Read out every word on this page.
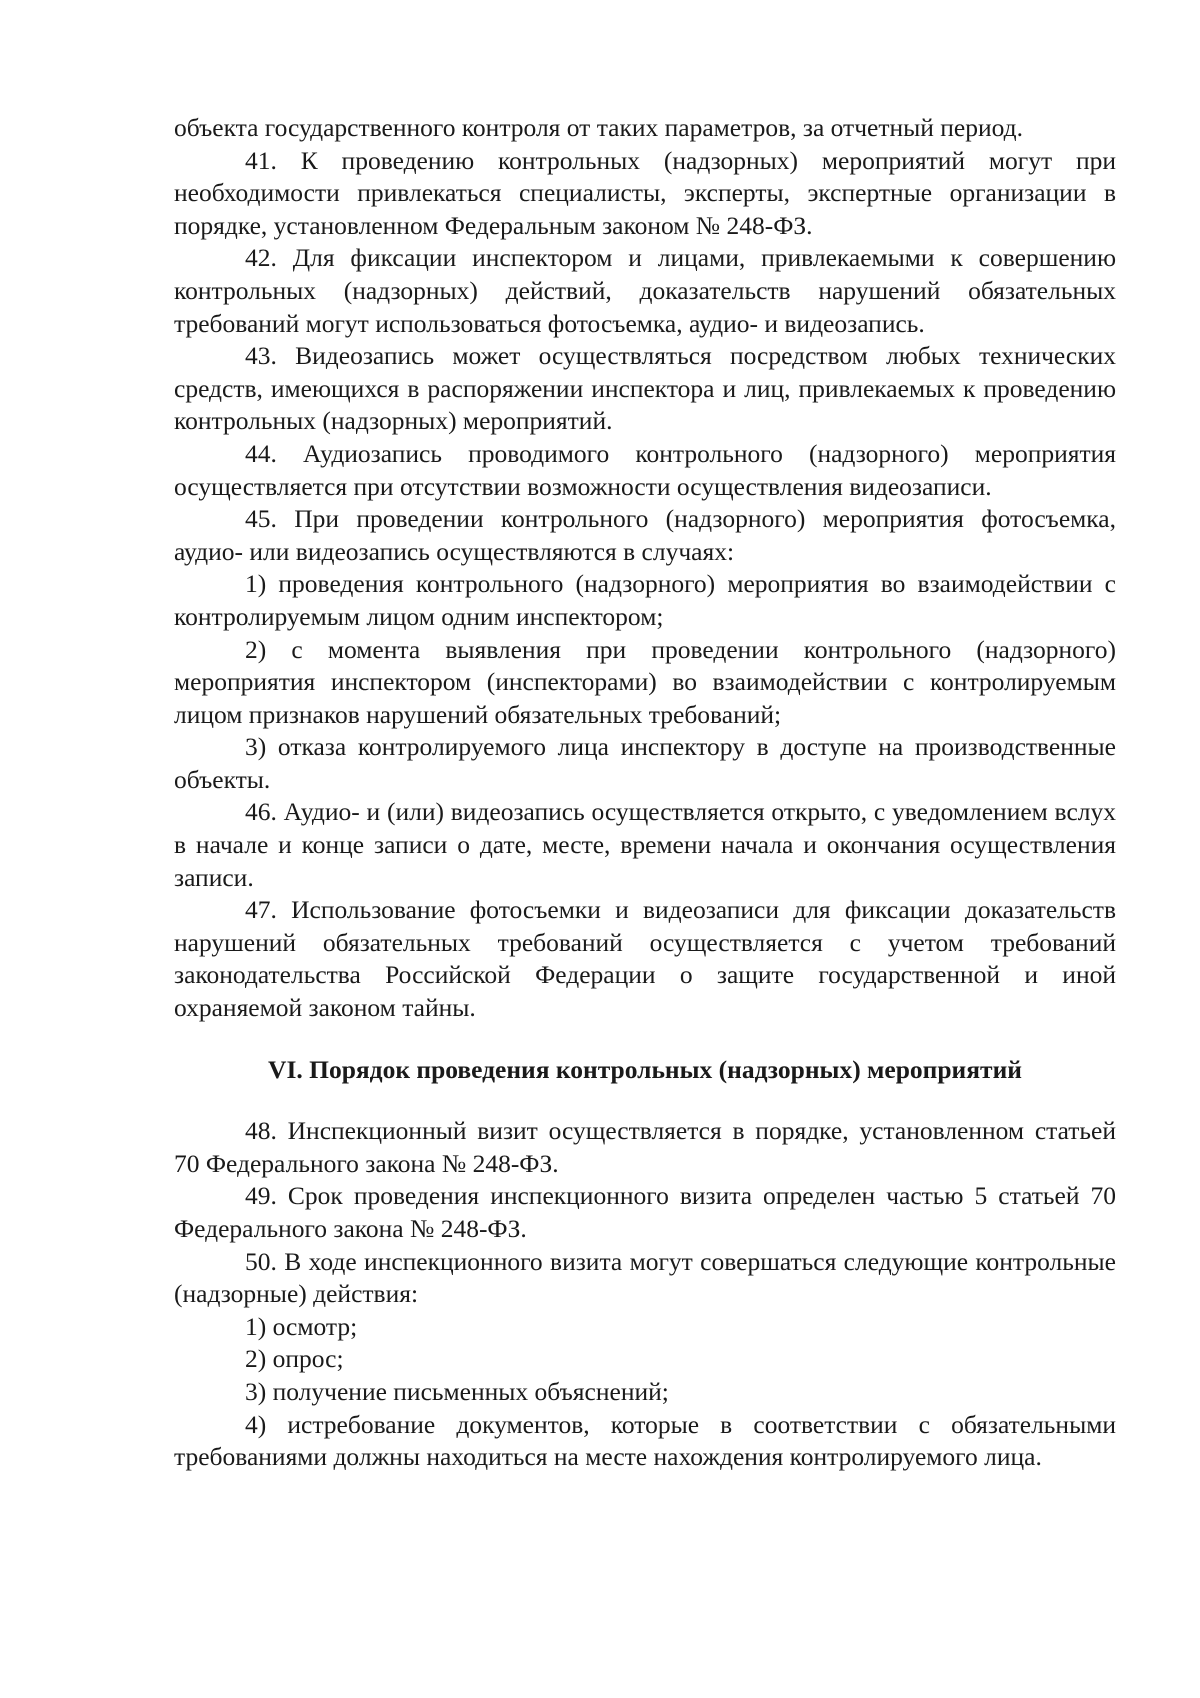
объекта государственного контроля от таких параметров, за отчетный период.

41. К проведению контрольных (надзорных) мероприятий могут при необходимости привлекаться специалисты, эксперты, экспертные организации в порядке, установленном Федеральным законом № 248-ФЗ.

42. Для фиксации инспектором и лицами, привлекаемыми к совершению контрольных (надзорных) действий, доказательств нарушений обязательных требований могут использоваться фотосъемка, аудио- и видеозапись.

43. Видеозапись может осуществляться посредством любых технических средств, имеющихся в распоряжении инспектора и лиц, привлекаемых к проведению контрольных (надзорных) мероприятий.

44. Аудиозапись проводимого контрольного (надзорного) мероприятия осуществляется при отсутствии возможности осуществления видеозаписи.

45. При проведении контрольного (надзорного) мероприятия фотосъемка, аудио- или видеозапись осуществляются в случаях:

1) проведения контрольного (надзорного) мероприятия во взаимодействии с контролируемым лицом одним инспектором;

2) с момента выявления при проведении контрольного (надзорного) мероприятия инспектором (инспекторами) во взаимодействии с контролируемым лицом признаков нарушений обязательных требований;

3) отказа контролируемого лица инспектору в доступе на производственные объекты.

46. Аудио- и (или) видеозапись осуществляется открыто, с уведомлением вслух в начале и конце записи о дате, месте, времени начала и окончания осуществления записи.

47. Использование фотосъемки и видеозаписи для фиксации доказательств нарушений обязательных требований осуществляется с учетом требований законодательства Российской Федерации о защите государственной и иной охраняемой законом тайны.

VI. Порядок проведения контрольных (надзорных) мероприятий

48. Инспекционный визит осуществляется в порядке, установленном статьей 70 Федерального закона № 248-ФЗ.

49. Срок проведения инспекционного визита определен частью 5 статьей 70 Федерального закона № 248-ФЗ.

50. В ходе инспекционного визита могут совершаться следующие контрольные (надзорные) действия:

1) осмотр;

2) опрос;

3) получение письменных объяснений;

4) истребование документов, которые в соответствии с обязательными требованиями должны находиться на месте нахождения контролируемого лица.
